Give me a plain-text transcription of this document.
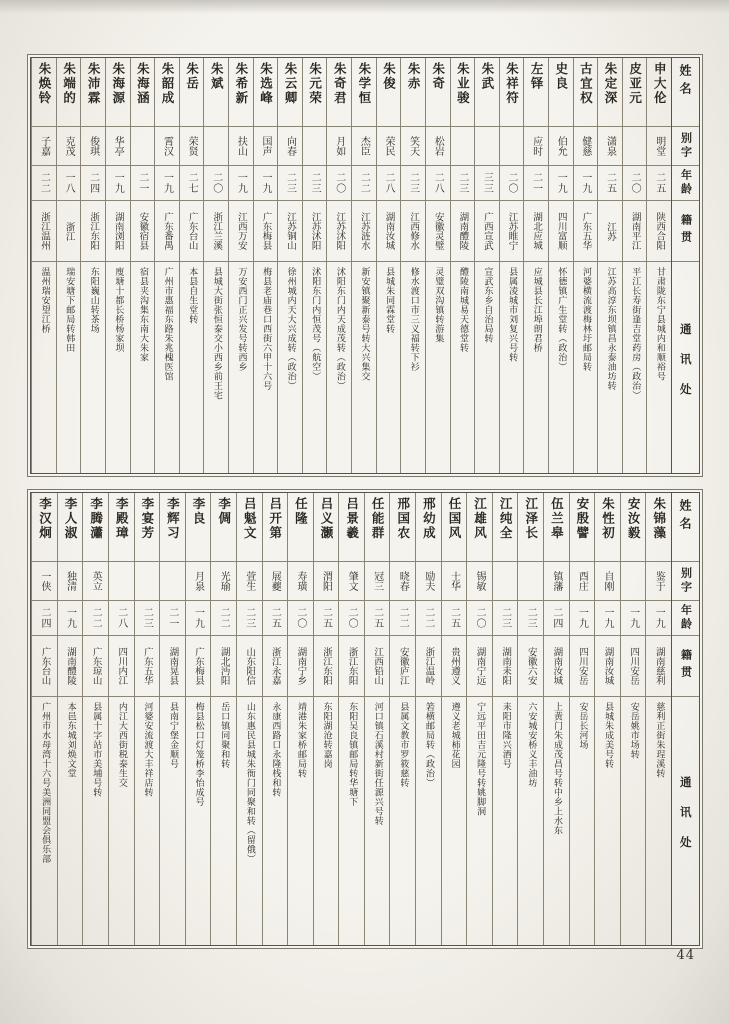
姓名
别字
年龄
籍贯
通讯处
申大伦
明堂
二五
陕西合阳
甘肃陇东宁县城内和顺裕号
皮亚元
二〇
湖南平江
平江长寿街逢吉堂药房（政治）
朱定深
潇泉
二五
江苏
江苏高淳东坝镇昌永泰油坊转
古宜权
健慈
一九
广东五华
河婆横流渡梅林圩邮局转
史良
伯允
一九
四川富顺
怀德镇广生堂转（政治）
左铎
应时
二一
湖北应城
应城县长江埠朗君桥
朱祥符
二〇
江苏睢宁
县属凌城市刘复兴号转
朱武
三三
广西宣武
宣武东乡自治局转
朱业骏
二三
湖南醴陵
醴陵南城易天德堂转
朱奇
松岩
二八
安徽灵璧
灵璧双沟镇转游集
朱赤
笑天
二三
江西修水
修水渡口市三义福转下衫
朱俊
荣民
二八
湖南汝城
县城朱同霖堂转
朱学恒
杰臣
二二
江苏涟水
新安镇聚新泰号转大兴集交
朱奇君
月如
二〇
江苏沭阳
沭阳东门内天成茂转（政治）
朱元荣
二三
江苏沭阳
沭阳东门内恒茂号（航空）
朱云卿
向春
二三
江苏铜山
徐州城内天大兴成转（政治）
朱选峰
国声
一九
广东梅县
梅县老庙巷口西街六甲十六号
朱希新
扶山
一九
江西万安
万安西门正兴发号转西乡
朱斌
二〇
浙江兰溪
县城大街张恒泰交小西乡前王宅
朱岳
荣贤
二七
广东台山
本县自生堂转
朱韶成
霄汉
一九
广东番禺
广州市惠福东路朱兆槐医馆
朱海涵
二一
安徽宿县
宿县夹沟集东南大朱家
朱海源
华亭
一九
湖南浏阳
廋塘十都长桥杨家坝
朱沛霖
俊琪
二四
浙江东阳
东阳巍山转茶场
朱端的
克茂
一八
浙江
瑞安塘下邮局转韩田
朱焕铃
子嘉
二二
浙江温州
温州瑞安望江桥
姓名
别字
年龄
籍贯
通讯处
朱锦藻
鉴于
一九
湖南慈利
慈利正街朱珵溪转
安汝毅
一九
四川安岳
安岳姚市场转
朱性初
自刚
一九
湖南汝城
县城朱成美号转
安殷譬
酉庄
一九
四川安岳
安岳长河场
伍兰皋
镇藩
二四
湖南汝城
上黄门朱成茂昌号转中乡上水东
江泽长
二三
安徽六安
六安城安桥义丰油坊
江纯全
二三
湖南耒阳
耒阳市隆兴酒号
江雄风
锡敏
二〇
湖南宁远
宁远平田吉元隆号转姚脚洞
任国风
士华
二五
贵州遵义
遵义老城柿花园
邢幼成
励夫
二二
浙江温岭
箬横邮局转（政治）
邢国农
晓春
二二
安徽庐江
县属文教市罗筱慈转
任能群
冠三
二五
江西铅山
河口镇石溪村新街任源兴号转
吕景羲
肇文
二〇
浙江东阳
东阳吴良镇邮局转华塘下
吕义灏
渭阳
二五
浙江东阳
东阳湖沧转嘉岗
任隆
寿璜
二〇
湖南宁乡
靖港朱家桥邮局转
吕开第
展夔
二五
浙江永嘉
永康西路口永隆栈和转
吕魁文
萱生
二三
山东阳信
山东惠民县城朱衙门同聚和转（留俄）
李倜
光瑜
二二
湖北沔阳
岳口镇同聚和转
李良
月泉
一九
广东梅县
梅县松口灯笼桥李怡成号
李辉习
二一
湖南晃县
县南宁堡金顺号
李宴芳
二三
广东五华
河婆安流渡大丰祥店转
李殿璋
二八
四川内江
内江大西街税泰生交
李腾瀟
英立
二二
广东琼山
县属十字站市美埔号转
李人淑
独清
一九
湖南醴陵
本邑东城刘焕文堂
李汉炯
一侠
二四
广东台山
广州市水母湾十六号美洲同盟会俱乐部
44
